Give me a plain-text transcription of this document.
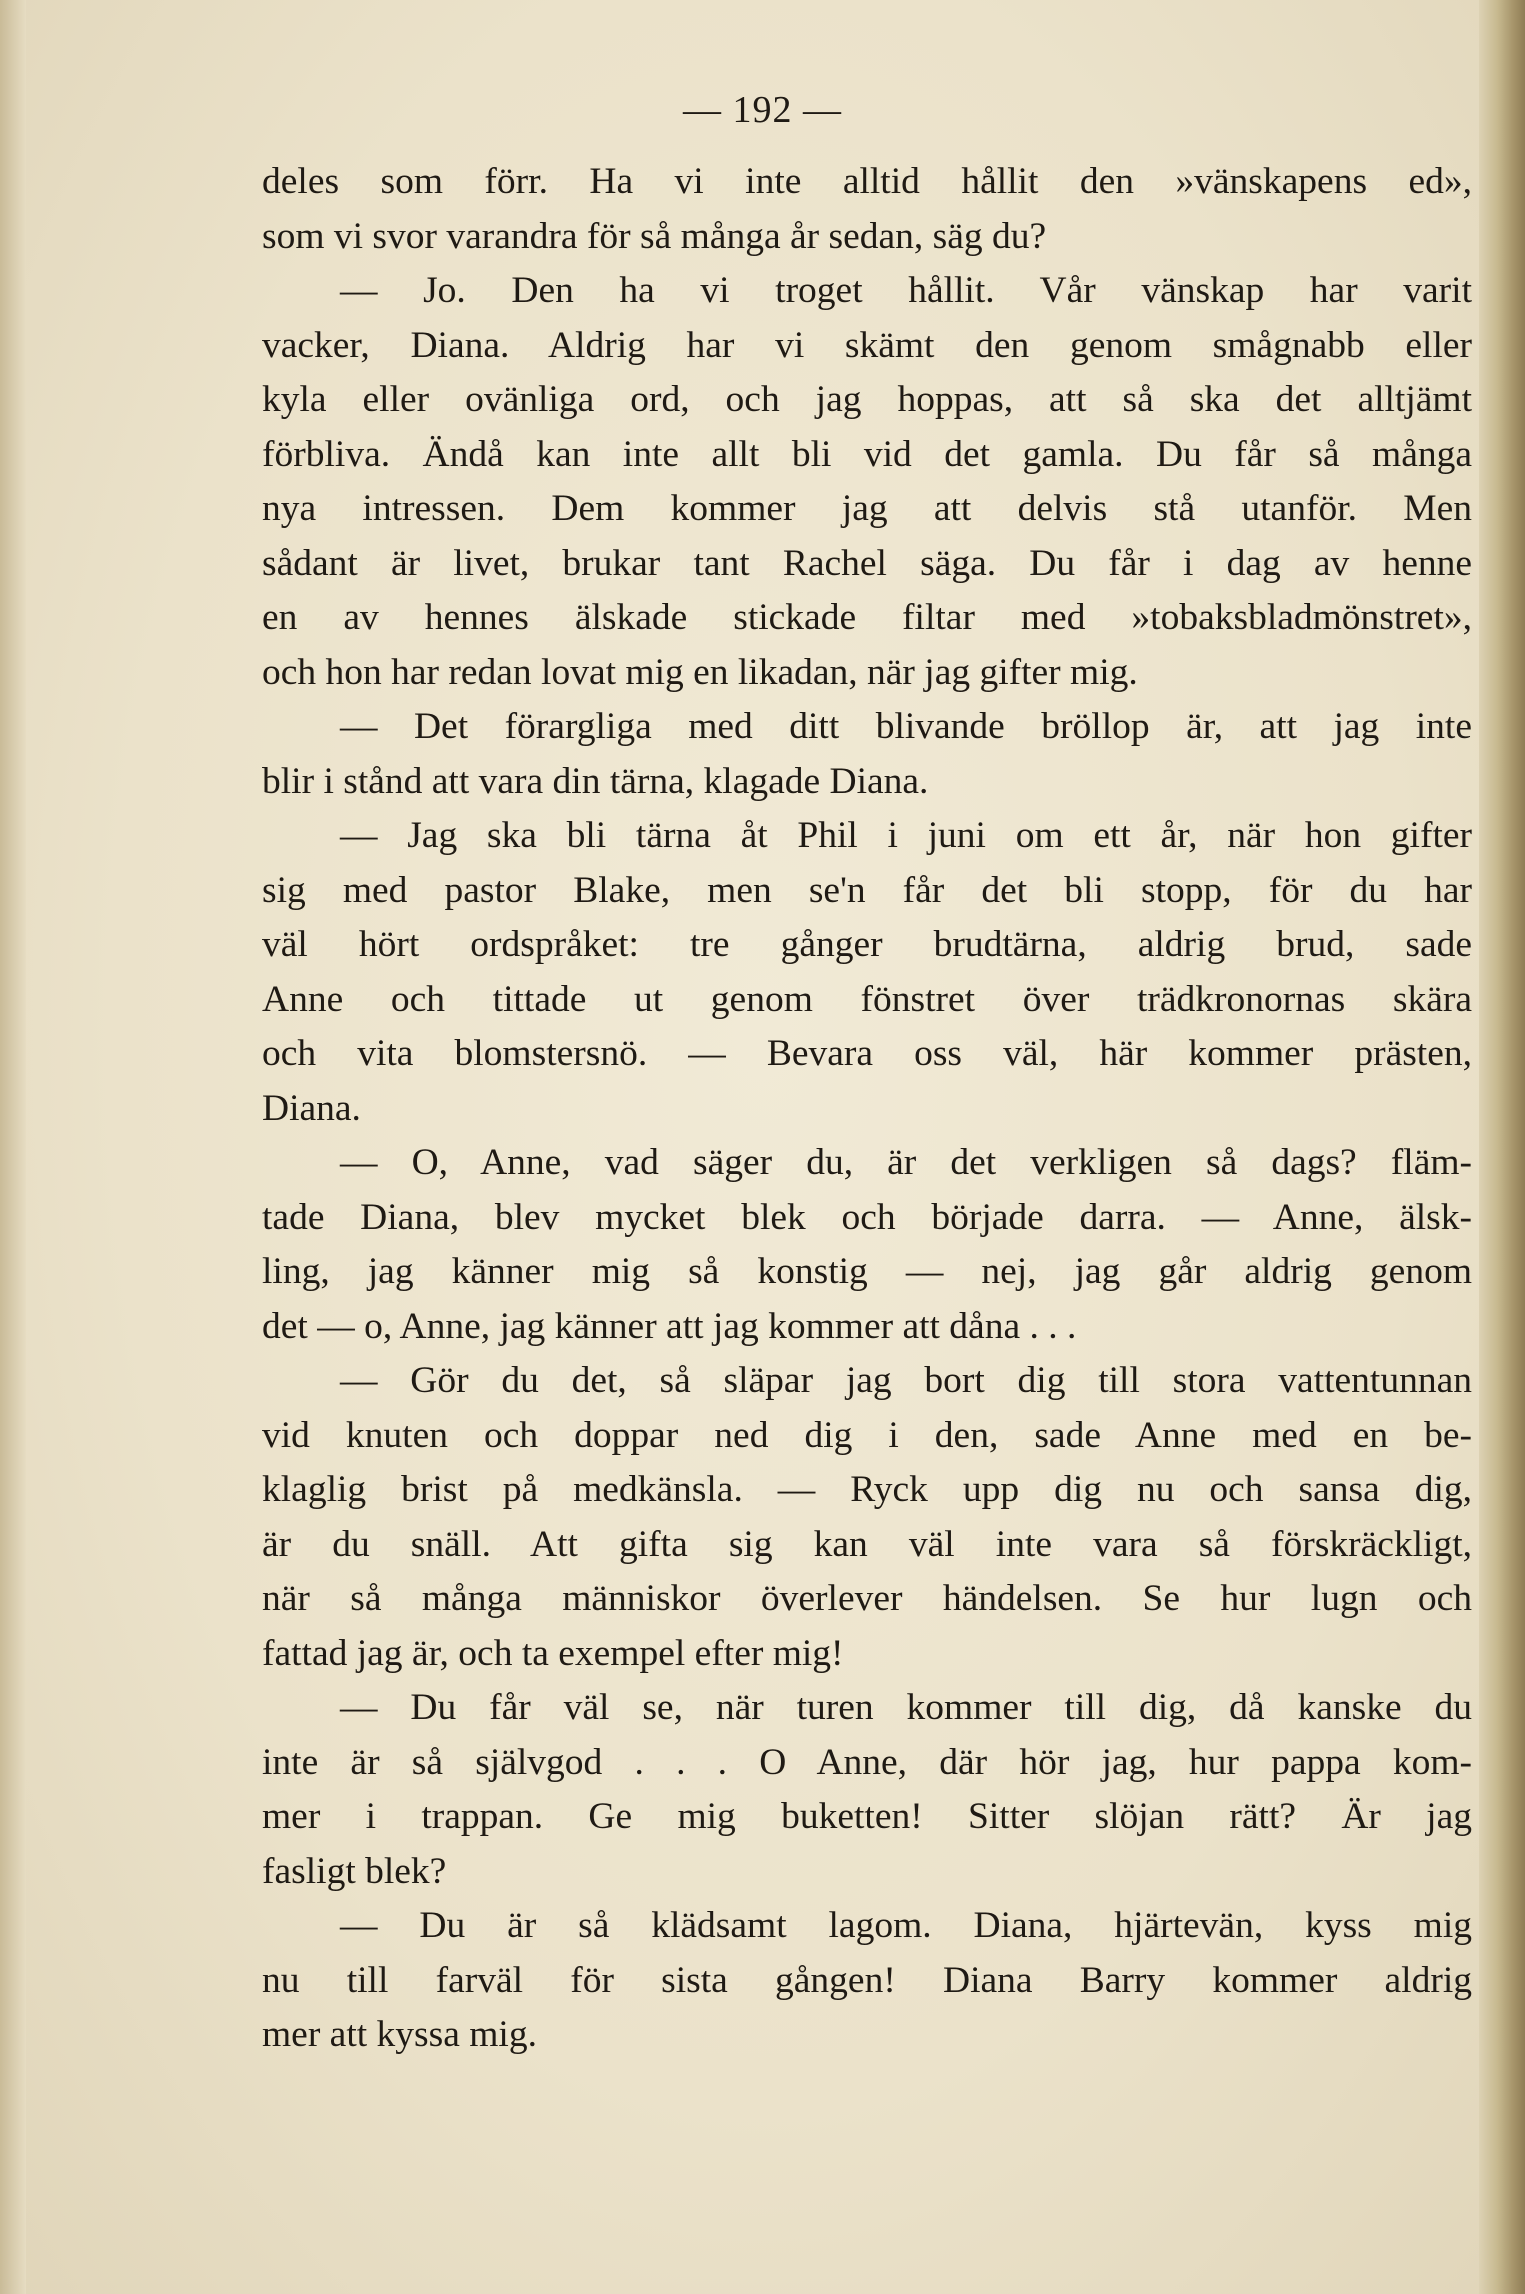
— 192 —
deles som förr. Ha vi inte alltid hållit den »vänskapens ed»,
som vi svor varandra för så många år sedan, säg du?
— Jo. Den ha vi troget hållit. Vår vänskap har varit
vacker, Diana. Aldrig har vi skämt den genom smågnabb eller
kyla eller ovänliga ord, och jag hoppas, att så ska det alltjämt
förbliva. Ändå kan inte allt bli vid det gamla. Du får så många
nya intressen. Dem kommer jag att delvis stå utanför. Men
sådant är livet, brukar tant Rachel säga. Du får i dag av henne
en av hennes älskade stickade filtar med »tobaksbladmönstret»,
och hon har redan lovat mig en likadan, när jag gifter mig.
— Det förargliga med ditt blivande bröllop är, att jag inte
blir i stånd att vara din tärna, klagade Diana.
— Jag ska bli tärna åt Phil i juni om ett år, när hon gifter
sig med pastor Blake, men se'n får det bli stopp, för du har
väl hört ordspråket: tre gånger brudtärna, aldrig brud, sade
Anne och tittade ut genom fönstret över trädkronornas skära
och vita blomstersnö. — Bevara oss väl, här kommer prästen,
Diana.
— O, Anne, vad säger du, är det verkligen så dags? fläm-
tade Diana, blev mycket blek och började darra. — Anne, älsk-
ling, jag känner mig så konstig — nej, jag går aldrig genom
det — o, Anne, jag känner att jag kommer att dåna . . .
— Gör du det, så släpar jag bort dig till stora vattentunnan
vid knuten och doppar ned dig i den, sade Anne med en be-
klaglig brist på medkänsla. — Ryck upp dig nu och sansa dig,
är du snäll. Att gifta sig kan väl inte vara så förskräckligt,
när så många människor överlever händelsen. Se hur lugn och
fattad jag är, och ta exempel efter mig!
— Du får väl se, när turen kommer till dig, då kanske du
inte är så självgod . . . O Anne, där hör jag, hur pappa kom-
mer i trappan. Ge mig buketten! Sitter slöjan rätt? Är jag
fasligt blek?
— Du är så klädsamt lagom. Diana, hjärtevän, kyss mig
nu till farväl för sista gången! Diana Barry kommer aldrig
mer att kyssa mig.
